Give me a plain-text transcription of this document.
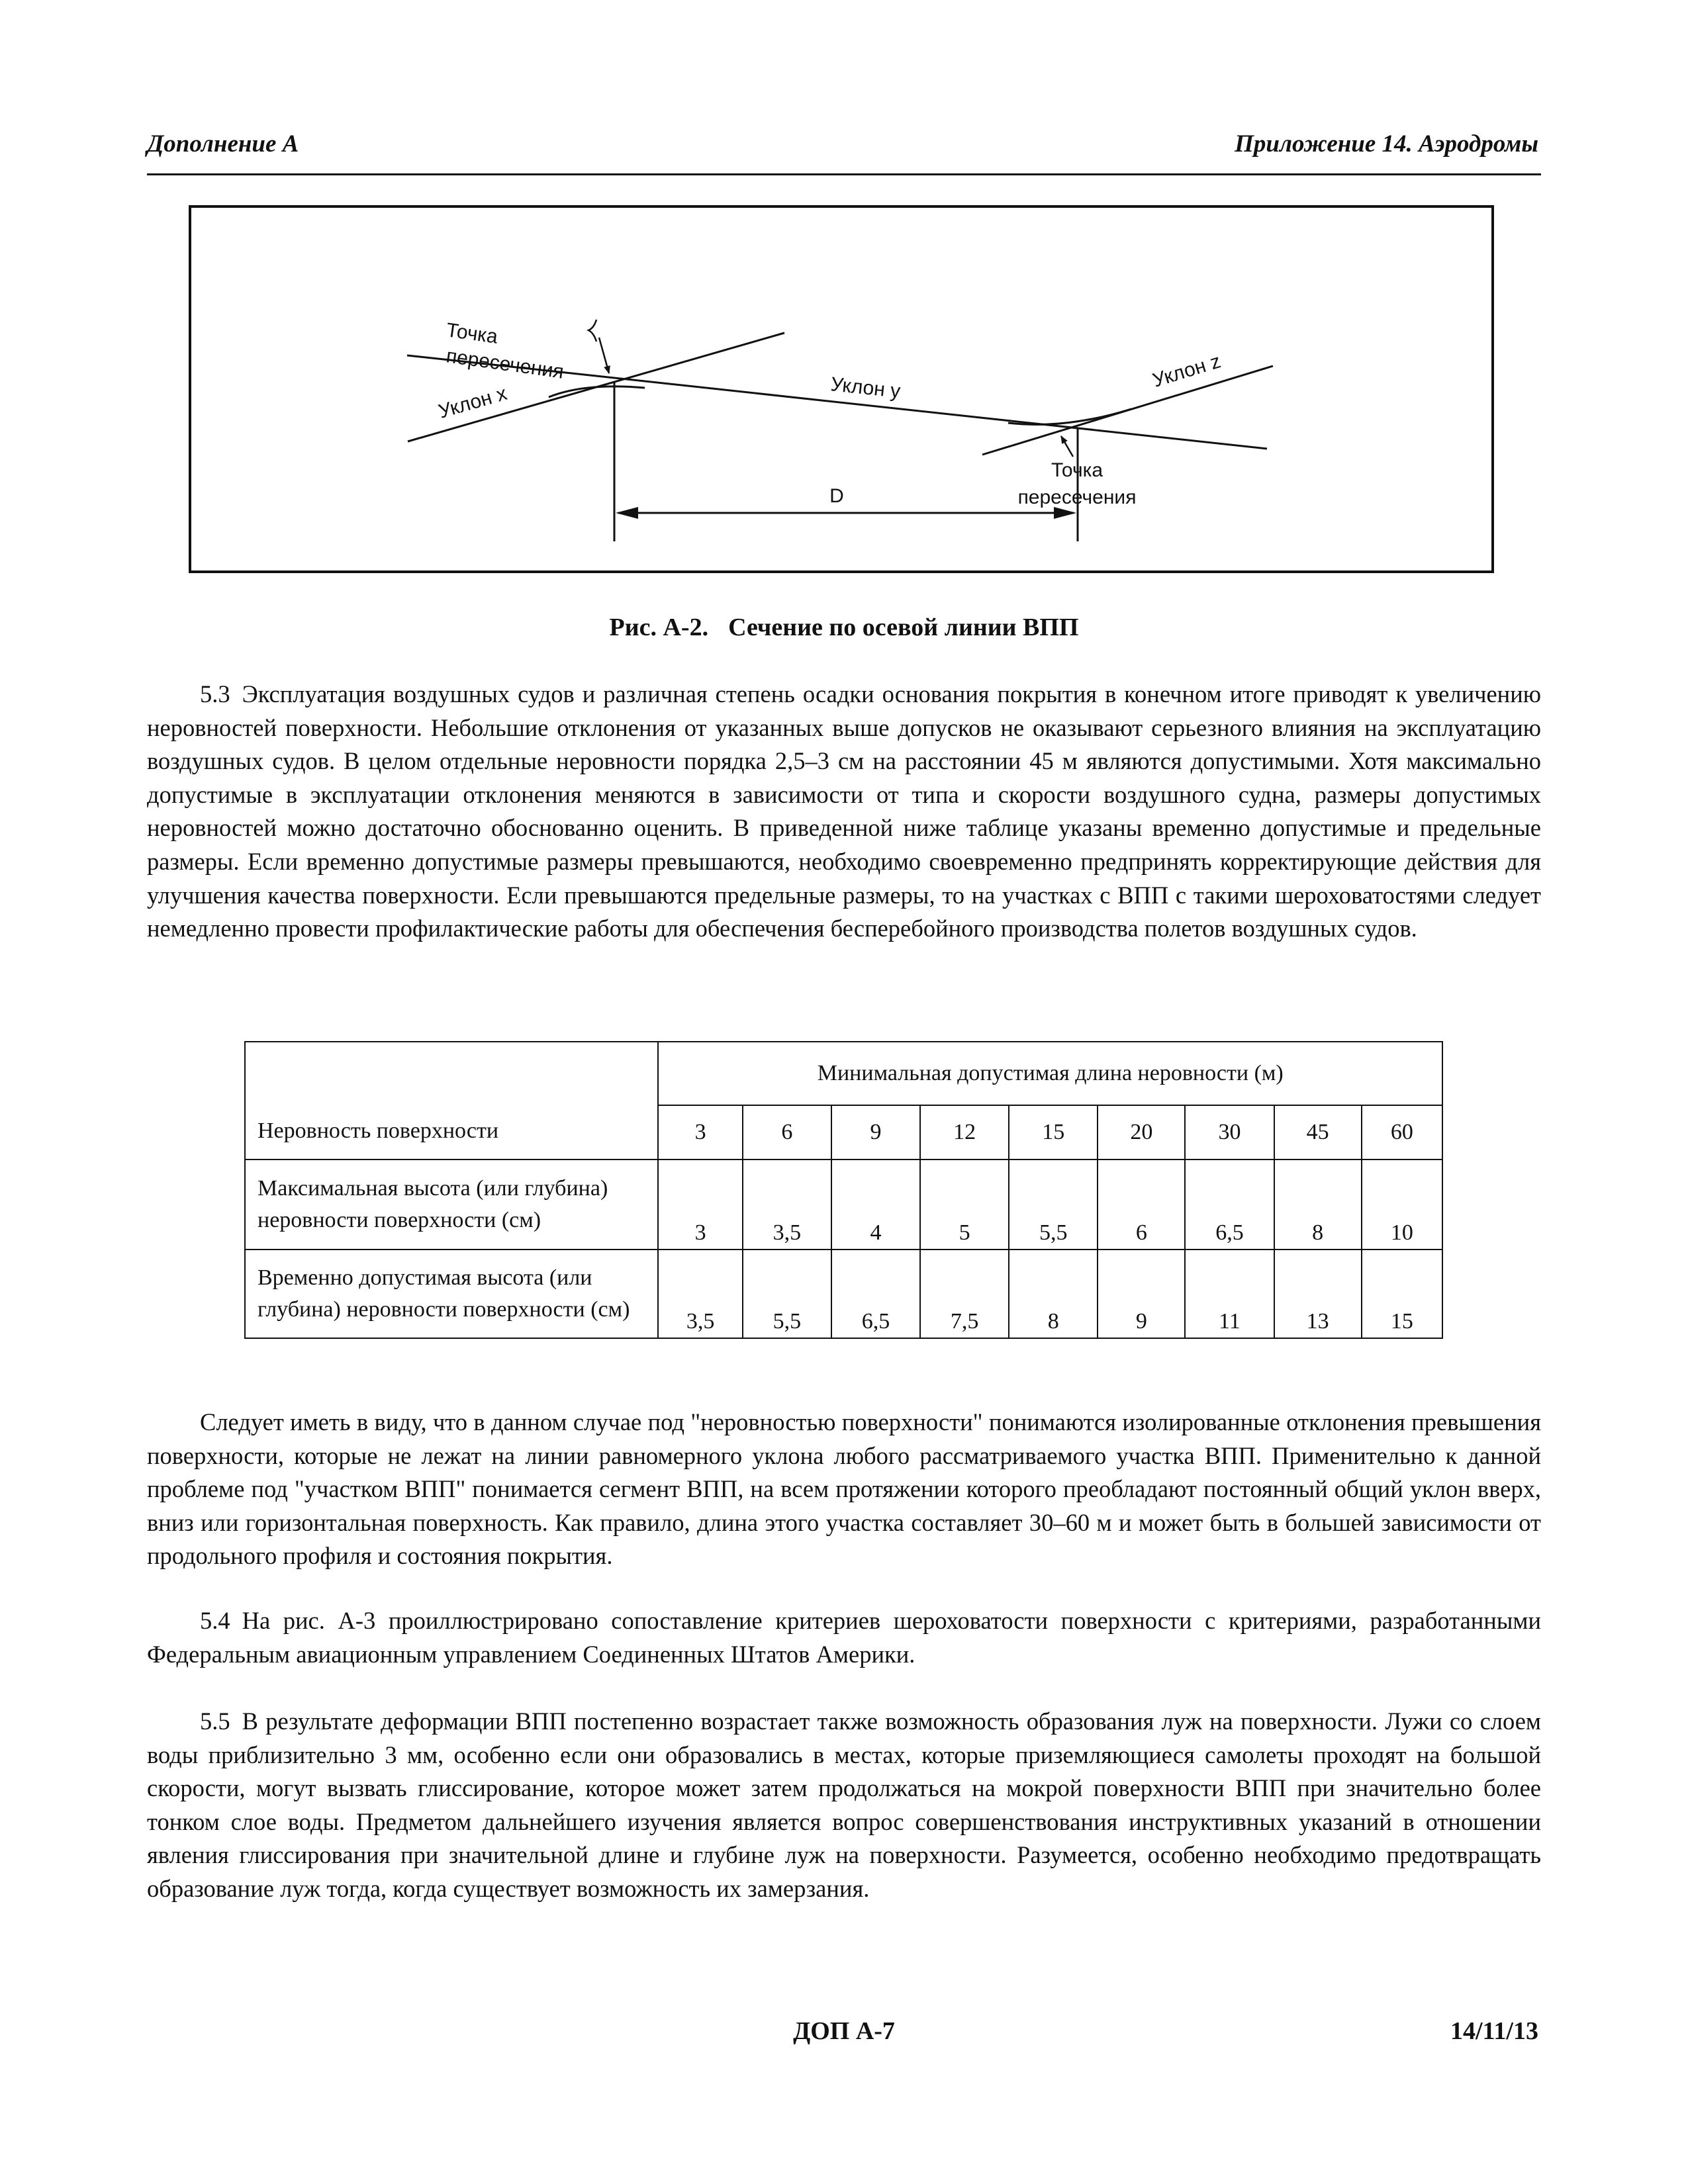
Дополнение A	Приложение 14. Аэродромы
Точка
пересечения
Уклон x	Уклон y	Уклон z
Точка
пересечения
D
Рис. A-2. Сечение по осевой линии ВПП

5.3 Эксплуатация воздушных судов и различная степень осадки основания покрытия в конечном итоге приводят к увеличению неровностей поверхности. Небольшие отклонения от указанных выше допусков не оказывают серьезного влияния на эксплуатацию воздушных судов. В целом отдельные неровности порядка 2,5–3 см на расстоянии 45 м являются допустимыми. Хотя максимально допустимые в эксплуатации отклонения меняются в зависимости от типа и скорости воздушного судна, размеры допустимых неровностей можно достаточно обоснованно оценить. В приведенной ниже таблице указаны временно допустимые и предельные размеры. Если временно допустимые размеры превышаются, необходимо своевременно предпринять корректирующие действия для улучшения качества поверхности. Если превышаются предельные размеры, то на участках с ВПП с такими шероховатостями следует немедленно провести профилактические работы для обеспечения бесперебойного производства полетов воздушных судов.

Неровность поверхности	Минимальная допустимая длина неровности (м)								
	3	6	9	12	15	20	30	45	60
Максимальная высота (или глубина) неровности поверхности (см)	3	3,5	4	5	5,5	6	6,5	8	10
Временно допустимая высота (или глубина) неровности поверхности (см)	3,5	5,5	6,5	7,5	8	9	11	13	15

Следует иметь в виду, что в данном случае под "неровностью поверхности" понимаются изолированные отклонения превышения поверхности, которые не лежат на линии равномерного уклона любого рассматриваемого участка ВПП. Применительно к данной проблеме под "участком ВПП" понимается сегмент ВПП, на всем протяжении которого преобладают постоянный общий уклон вверх, вниз или горизонтальная поверхность. Как правило, длина этого участка составляет 30–60 м и может быть в большей зависимости от продольного профиля и состояния покрытия.

5.4 На рис. A-3 проиллюстрировано сопоставление критериев шероховатости поверхности с критериями, разработанными Федеральным авиационным управлением Соединенных Штатов Америки.

5.5 В результате деформации ВПП постепенно возрастает также возможность образования луж на поверхности. Лужи со слоем воды приблизительно 3 мм, особенно если они образовались в местах, которые приземляющиеся самолеты проходят на большой скорости, могут вызвать глиссирование, которое может затем продолжаться на мокрой поверхности ВПП при значительно более тонком слое воды. Предметом дальнейшего изучения является вопрос совершенствования инструктивных указаний в отношении явления глиссирования при значительной длине и глубине луж на поверхности. Разумеется, особенно необходимо предотвращать образование луж тогда, когда существует возможность их замерзания.

ДОП A-7	14/11/13
